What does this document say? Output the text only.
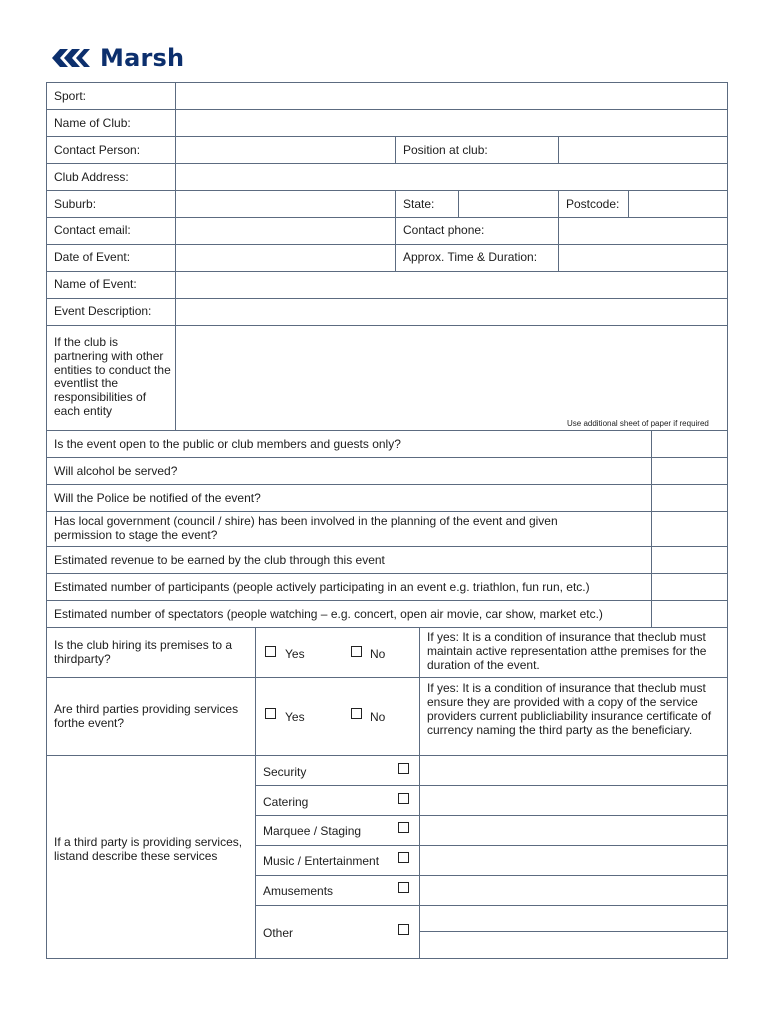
Marsh
Sport:
Name of Club:
Contact Person:	Position at club:
Club Address:
Suburb:	State:	Postcode:
Contact email:	Contact phone:
Date of Event:	Approx. Time & Duration:
Name of Event:
Event Description:
If the club is partnering with other entities to conduct the eventlist the responsibilities of each entity
Use additional sheet of paper if required
Is the event open to the public or club members and guests only?
Will alcohol be served?
Will the Police be notified of the event?
Has local government (council / shire) has been involved in the planning of the event and given permission to stage the event?
Estimated revenue to be earned by the club through this event
Estimated number of participants (people actively participating in an event e.g. triathlon, fun run, etc.)
Estimated number of spectators (people watching – e.g. concert, open air movie, car show, market etc.)
Is the club hiring its premises to a thirdparty?	Yes	No
If yes: It is a condition of insurance that theclub must maintain active representation atthe premises for the duration of the event.
Are third parties providing services forthe event?	Yes	No
If yes: It is a condition of insurance that theclub must ensure they are provided with a copy of the service providers current publicliability insurance certificate of currency naming the third party as the beneficiary.
If a third party is providing services, listand describe these services
Security
Catering
Marquee / Staging
Music / Entertainment
Amusements
Other
